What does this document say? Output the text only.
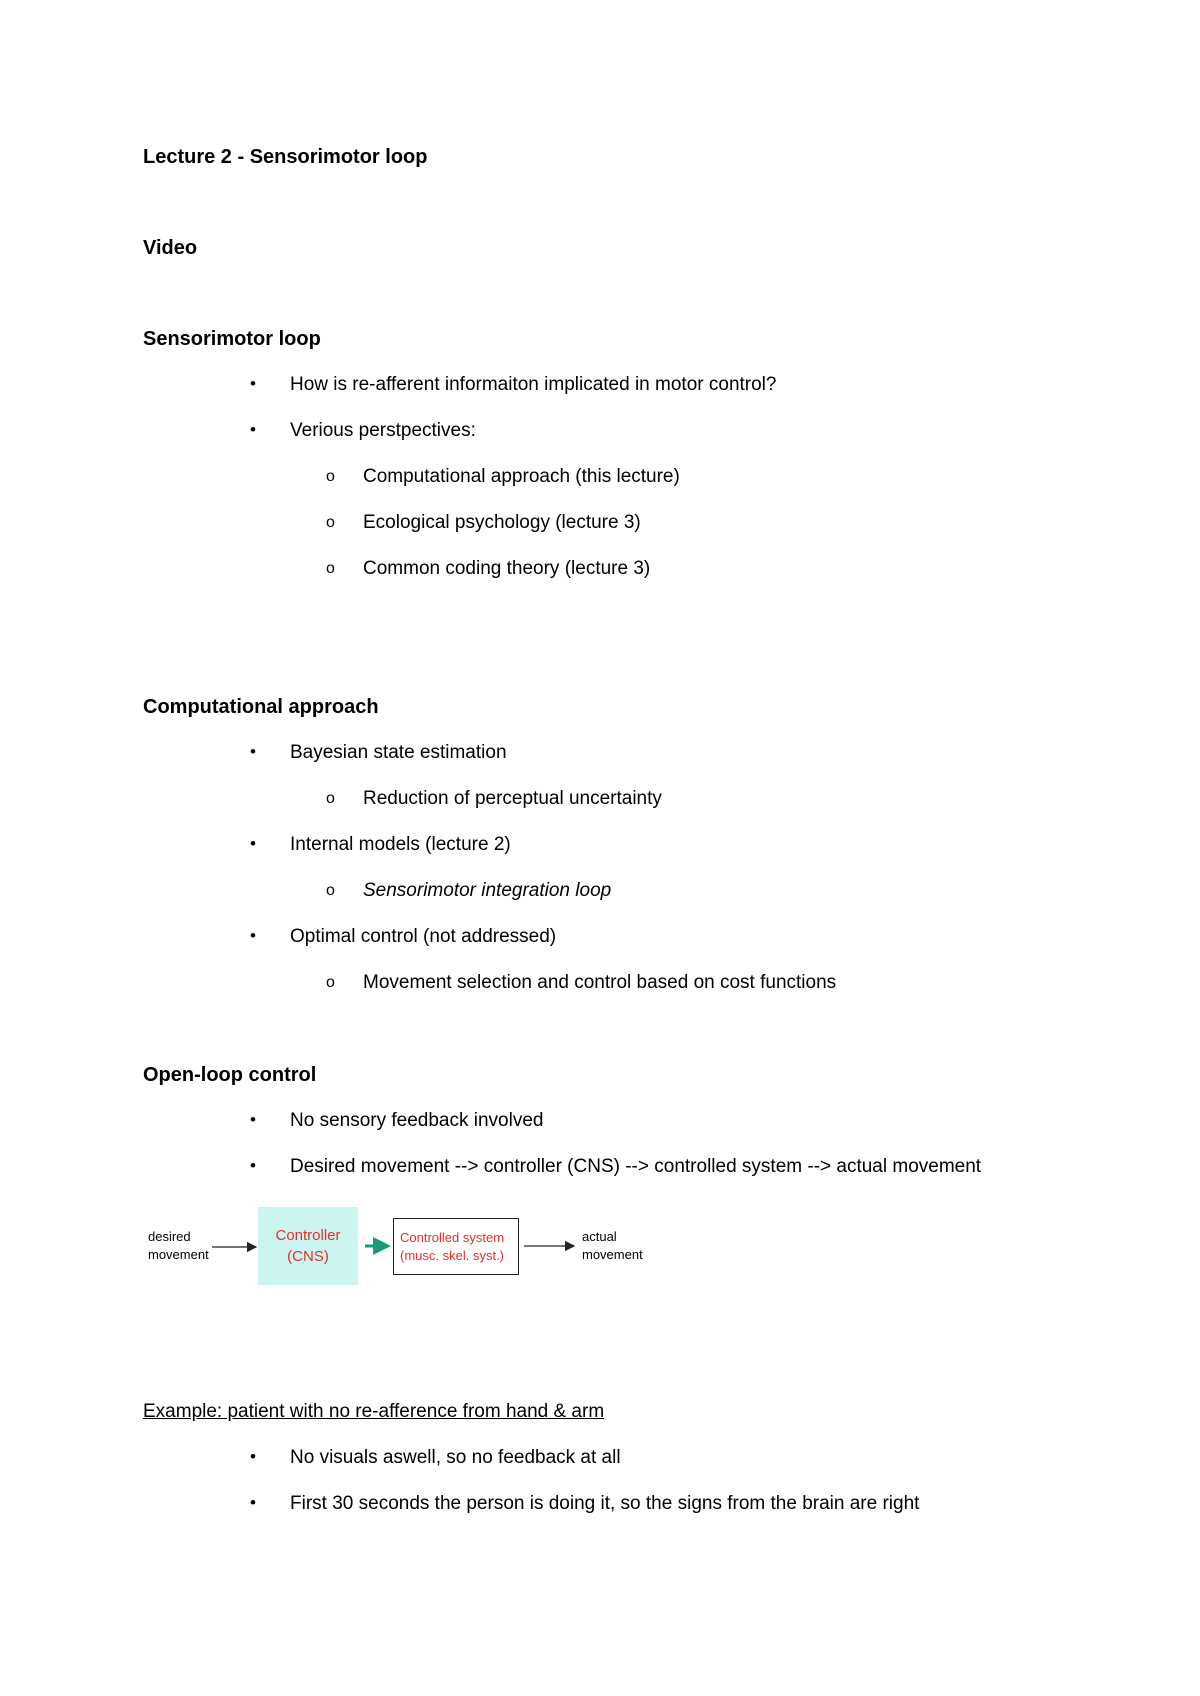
Lecture 2 - Sensorimotor loop
Video
Sensorimotor loop
• How is re-afferent informaiton implicated in motor control?
• Verious perstpectives:
o Computational approach (this lecture)
o Ecological psychology (lecture 3)
o Common coding theory (lecture 3)
Computational approach
• Bayesian state estimation
o Reduction of perceptual uncertainty
• Internal models (lecture 2)
o Sensorimotor integration loop
• Optimal control (not addressed)
o Movement selection and control based on cost functions
Open-loop control
• No sensory feedback involved
• Desired movement --> controller (CNS) --> controlled system --> actual movement
desired
movement
Controller
(CNS)
Controlled system
(musc. skel. syst.)
actual
movement
Example: patient with no re-afference from hand & arm
• No visuals aswell, so no feedback at all
• First 30 seconds the person is doing it, so the signs from the brain are right
